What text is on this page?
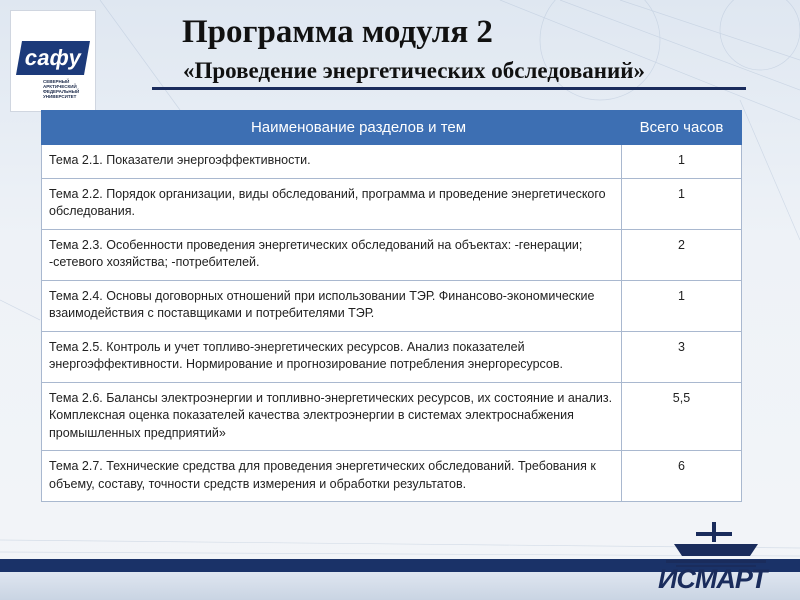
сафу
СЕВЕРНЫЙ
АРКТИЧЕСКИЙ
ФЕДЕРАЛЬНЫЙ
УНИВЕРСИТЕТ
Программа модуля 2
«Проведение энергетических обследований»
Наименование разделов и тем	Всего часов
Тема 2.1. Показатели энергоэффективности.	1
Тема 2.2. Порядок организации, виды обследований, программа и проведение энергетического обследования.	1
Тема 2.3. Особенности проведения энергетических обследований на объектах: -генерации; -сетевого хозяйства; -потребителей.	2
Тема 2.4. Основы договорных отношений при использовании ТЭР. Финансово-экономические взаимодействия с поставщиками и потребителями ТЭР.	1
Тема 2.5. Контроль и учет топливо-энергетических ресурсов. Анализ показателей энергоэффективности. Нормирование и прогнозирование потребления энергоресурсов.	3
Тема 2.6. Балансы электроэнергии и топливно-энергетических ресурсов, их состояние и анализ. Комплексная оценка показателей качества электроэнергии в системах электроснабжения промышленных предприятий»	5,5
Тема 2.7. Технические средства для проведения энергетических обследований. Требования к объему, составу, точности средств измерения и обработки результатов.	6
ИСМАРТ
